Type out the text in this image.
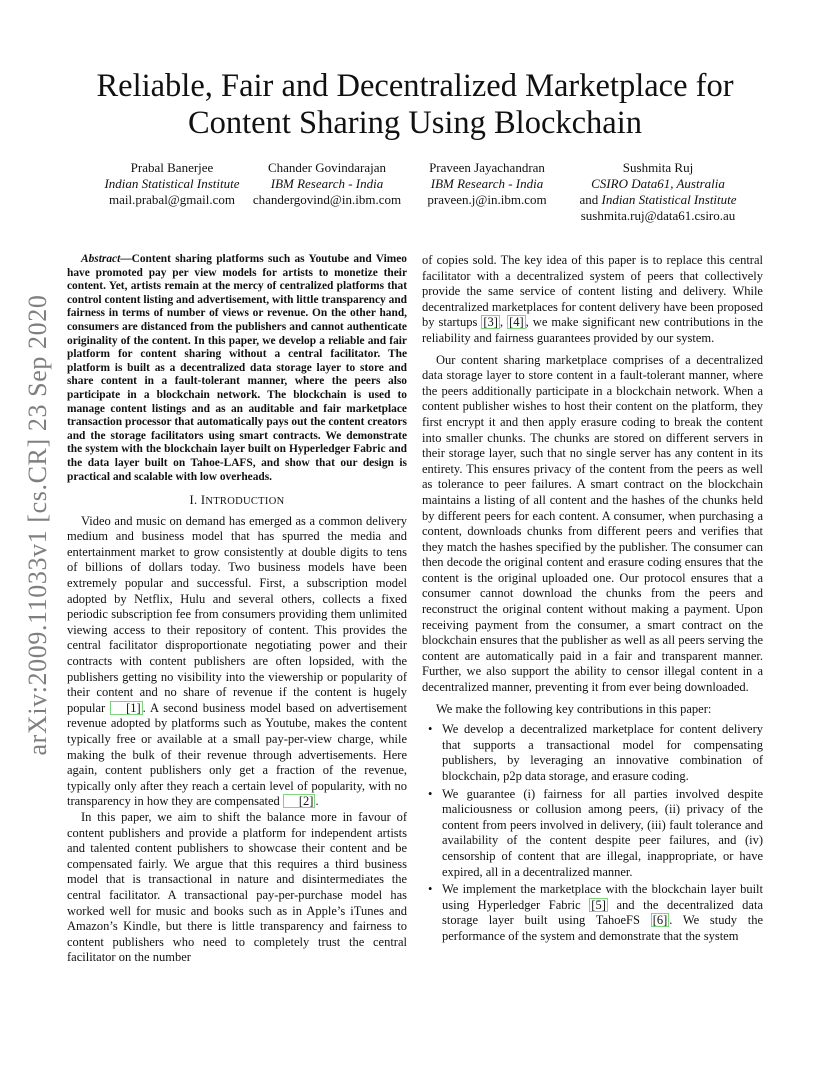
arXiv:2009.11033v1 [cs.CR] 23 Sep 2020
Reliable, Fair and Decentralized Marketplace for
Content Sharing Using Blockchain
Prabal Banerjee
Indian Statistical Institute
mail.prabal@gmail.com
Chander Govindarajan
IBM Research - India
chandergovind@in.ibm.com
Praveen Jayachandran
IBM Research - India
praveen.j@in.ibm.com
Sushmita Ruj
CSIRO Data61, Australia
and Indian Statistical Institute
sushmita.ruj@data61.csiro.au

Abstract—Content sharing platforms such as Youtube and Vimeo have promoted pay per view models for artists to monetize their content. Yet, artists remain at the mercy of centralized platforms that control content listing and advertisement, with little transparency and fairness in terms of number of views or revenue. On the other hand, consumers are distanced from the publishers and cannot authenticate originality of the content. In this paper, we develop a reliable and fair platform for content sharing without a central facilitator. The platform is built as a decentralized data storage layer to store and share content in a fault-tolerant manner, where the peers also participate in a blockchain network. The blockchain is used to manage content listings and as an auditable and fair marketplace transaction processor that automatically pays out the content creators and the storage facilitators using smart contracts. We demonstrate the system with the blockchain layer built on Hyperledger Fabric and the data layer built on Tahoe-LAFS, and show that our design is practical and scalable with low overheads.

I. INTRODUCTION

Video and music on demand has emerged as a common delivery medium and business model that has spurred the media and entertainment market to grow consistently at double digits to tens of billions of dollars today. Two business models have been extremely popular and successful. First, a subscription model adopted by Netflix, Hulu and several others, collects a fixed periodic subscription fee from consumers providing them unlimited viewing access to their repository of content. This provides the central facilitator disproportionate negotiating power and their contracts with content publishers are often lopsided, with the publishers getting no visibility into the viewership or popularity of their content and no share of revenue if the content is hugely popular [1] . A second business model based on advertisement revenue adopted by platforms such as Youtube, makes the content typically free or available at a small pay-per-view charge, while making the bulk of their revenue through advertisements. Here again, content publishers only get a fraction of the revenue, typically only after they reach a certain level of popularity, with no transparency in how they are compensated [2] .

In this paper, we aim to shift the balance more in favour of content publishers and provide a platform for independent artists and talented content publishers to showcase their content and be compensated fairly. We argue that this requires a third business model that is transactional in nature and disintermediates the central facilitator. A transactional pay-per-purchase model has worked well for music and books such as in Apple’s iTunes and Amazon’s Kindle, but there is little transparency and fairness to content publishers who need to completely trust the central facilitator on the number

of copies sold. The key idea of this paper is to replace this central facilitator with a decentralized system of peers that collectively provide the same service of content listing and delivery. While decentralized marketplaces for content delivery have been proposed by startups [3] , [4] , we make significant new contributions in the reliability and fairness guarantees provided by our system.

Our content sharing marketplace comprises of a decentralized data storage layer to store content in a fault-tolerant manner, where the peers additionally participate in a blockchain network. When a content publisher wishes to host their content on the platform, they first encrypt it and then apply erasure coding to break the content into smaller chunks. The chunks are stored on different servers in their storage layer, such that no single server has any content in its entirety. This ensures privacy of the content from the peers as well as tolerance to peer failures. A smart contract on the blockchain maintains a listing of all content and the hashes of the chunks held by different peers for each content. A consumer, when purchasing a content, downloads chunks from different peers and verifies that they match the hashes specified by the publisher. The consumer can then decode the original content and erasure coding ensures that the content is the original uploaded one. Our protocol ensures that a consumer cannot download the chunks from the peers and reconstruct the original content without making a payment. Upon receiving payment from the consumer, a smart contract on the blockchain ensures that the publisher as well as all peers serving the content are automatically paid in a fair and transparent manner. Further, we also support the ability to censor illegal content in a decentralized manner, preventing it from ever being downloaded.

We make the following key contributions in this paper:

• We develop a decentralized marketplace for content delivery that supports a transactional model for compensating publishers, by leveraging an innovative combination of blockchain, p2p data storage, and erasure coding.
• We guarantee (i) fairness for all parties involved despite maliciousness or collusion among peers, (ii) privacy of the content from peers involved in delivery, (iii) fault tolerance and availability of the content despite peer failures, and (iv) censorship of content that are illegal, inappropriate, or have expired, all in a decentralized manner.
• We implement the marketplace with the blockchain layer built using Hyperledger Fabric [5] and the decentralized data storage layer built using TahoeFS [6] . We study the performance of the system and demonstrate that the system
